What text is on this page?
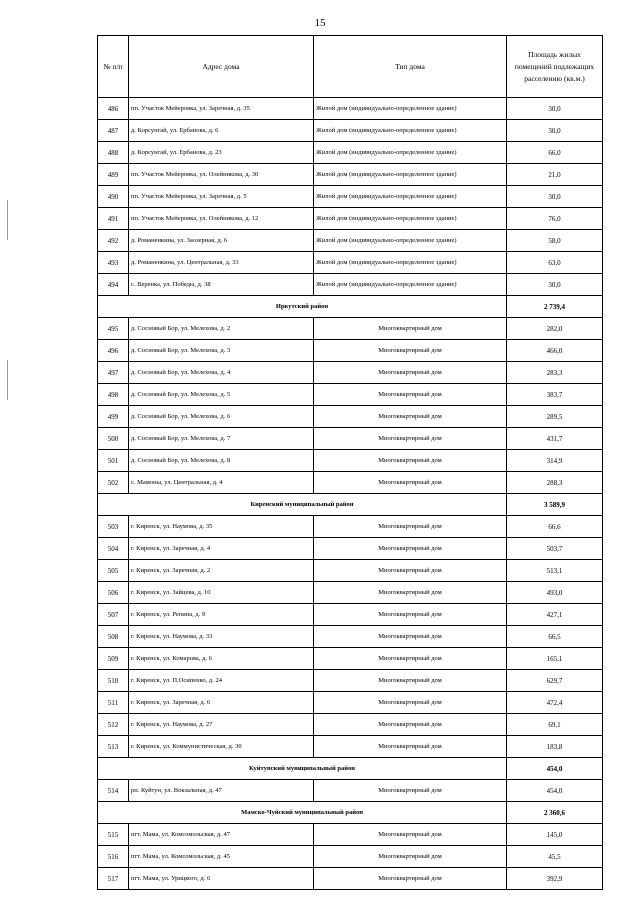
15
№ п/п	Адрес дома	Тип дома	Площадь жилых помещений подлежащих расселению (кв.м.)
486	пп. Участок Мейеровка, ул. Заречная, д. 35	Жилой дом (индивидуально-определенное здание)	30,0
487	д. Корсунгай, ул. Ербанова, д. 6	Жилой дом (индивидуально-определенное здание)	30,0
488	д. Корсунгай, ул. Ербанова, д. 23	Жилой дом (индивидуально-определенное здание)	66,0
489	пп. Участок Мейеровка, ул. Олейникова, д. 30	Жилой дом (индивидуально-определенное здание)	21,0
490	пп. Участок Мейеровка, ул. Заречная, д. 5	Жилой дом (индивидуально-определенное здание)	30,0
491	пп. Участок Мейеровка, ул. Олейникова, д. 12	Жилой дом (индивидуально-определенное здание)	76,0
492	д. Романенкина, ул. Заозерная, д. 6	Жилой дом (индивидуально-определенное здание)	58,0
493	д. Романенкина, ул. Центральная, д. 33	Жилой дом (индивидуально-определенное здание)	63,0
494	с. Веренка, ул. Победы, д. 38	Жилой дом (индивидуально-определенное здание)	30,0
Иркутский район			2 739,4
495	д. Сосновый Бор, ул. Мелехова, д. 2	Многоквартирный дом	282,0
496	д. Сосновый Бор, ул. Мелехова, д. 3	Многоквартирный дом	466,0
497	д. Сосновый Бор, ул. Мелехова, д. 4	Многоквартирный дом	283,3
498	д. Сосновый Бор, ул. Мелехова, д. 5	Многоквартирный дом	383,7
499	д. Сосновый Бор, ул. Мелехова, д. 6	Многоквартирный дом	289,5
500	д. Сосновый Бор, ул. Мелехова, д. 7	Многоквартирный дом	431,7
501	д. Сосновый Бор, ул. Мелехова, д. 8	Многоквартирный дом	314,9
502	с. Мамоны, ул. Центральная, д. 4	Многоквартирный дом	288,3
Киренский муниципальный район			3 589,9
503	г. Киренск, ул. Наумова, д. 35	Многоквартирный дом	66,6
504	г. Киренск, ул. Заречная, д. 4	Многоквартирный дом	503,7
505	г. Киренск, ул. Заречная, д. 2	Многоквартирный дом	513,1
506	г. Киренск, ул. Зайцева, д. 10	Многоквартирный дом	493,0
507	г. Киренск, ул. Репина, д. 9	Многоквартирный дом	427,1
508	г. Киренск, ул. Наумова, д. 33	Многоквартирный дом	66,5
509	г. Киренск, ул. Комарова, д. 6	Многоквартирный дом	165,1
510	г. Киренск, ул. П.Осипенко, д. 24	Многоквартирный дом	629,7
511	г. Киренск, ул. Заречная, д. 6	Многоквартирный дом	472,4
512	г. Киренск, ул. Наумова, д. 27	Многоквартирный дом	69,1
513	г. Киренск, ул. Коммунистическая, д. 30	Многоквартирный дом	183,8
Куйтунский муниципальный район			454,0
514	рп. Куйтун, ул. Вокзальная, д. 47	Многоквартирный дом	454,0
Мамско-Чуйский муниципальный район			2 360,6
515	пгт. Мама, ул. Комсомольская, д. 47	Многоквартирный дом	145,0
516	пгт. Мама, ул. Комсомольская, д. 45	Многоквартирный дом	45,5
517	пгт. Мама, ул. Урицкого, д. 6	Многоквартирный дом	392,9
